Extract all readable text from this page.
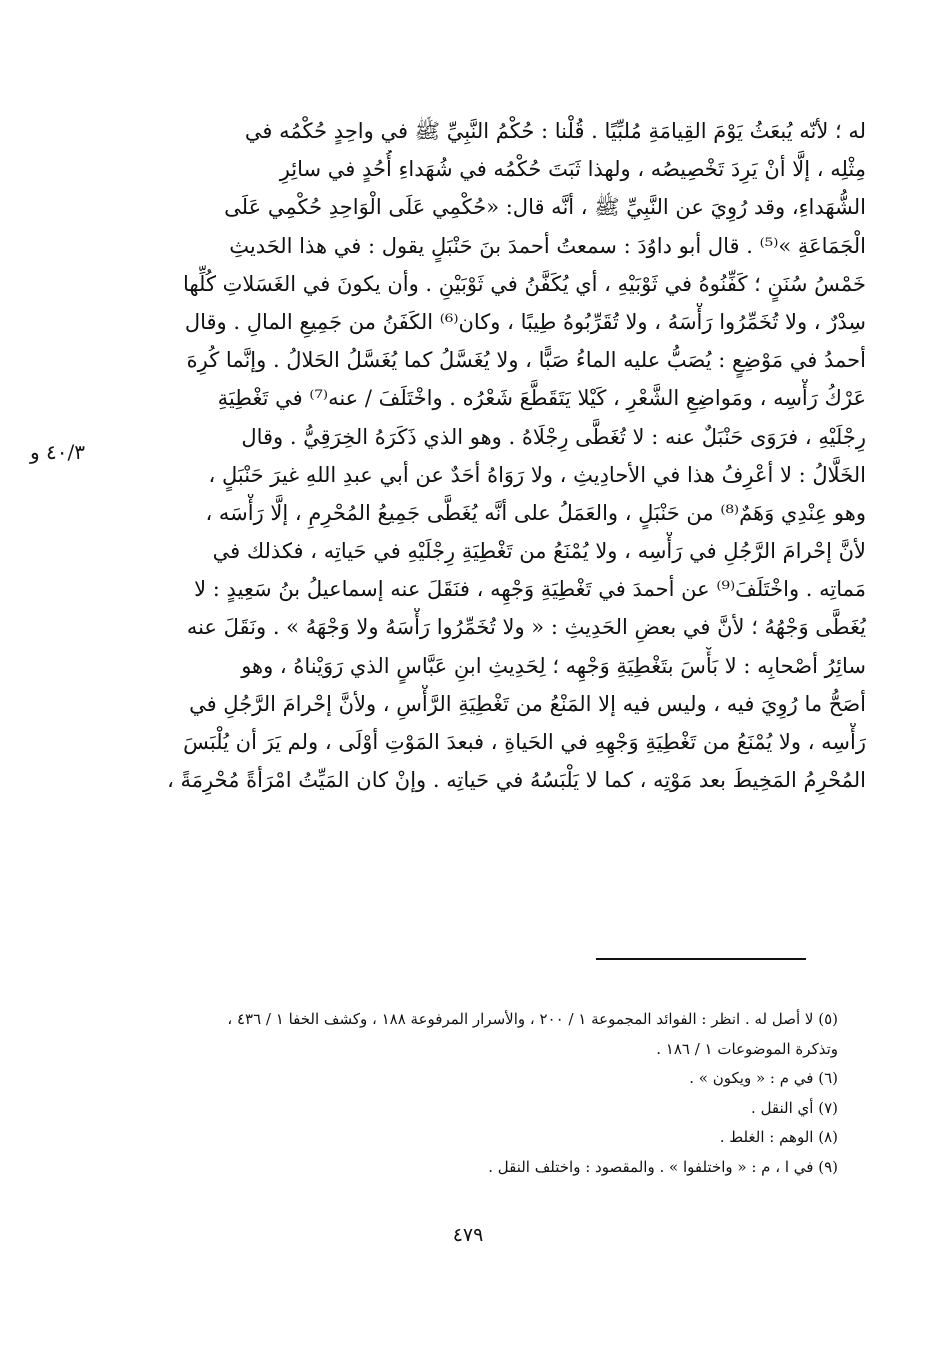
له ؛ لأنّه يُبعَثُ يَوْمَ القِيامَةِ مُلبِّيًا . قُلْنا : حُكْمُ النَّبِيِّ ﷺ في واحِدٍ حُكْمُه في
مِثْلِه ، إلَّا أنْ يَرِدَ تَخْصِيصُه ، ولهذا ثَبَتَ حُكْمُه في شُهَداءِ أُحُدٍ في سائِرِ
الشُّهَداءِ، وقد رُوِيَ عن النَّبِيِّ ﷺ ، أنَّه قال: «حُكْمِي عَلَى الْوَاحِدِ حُكْمِي عَلَى
الْجَمَاعَةِ »⁽⁵⁾ . قال أبو داوُدَ : سمعتُ أحمدَ بنَ حَنْبَلٍ يقول : في هذا الحَديثِ
خَمْسُ سُنَنٍ ؛ كَفِّنُوهُ في ثَوْبَيْهِ ، أي يُكَفَّنُ في ثَوْبَيْنِ . وأن يكونَ في الغَسَلاتِ كُلِّها
سِدْرٌ ، ولا تُخَمِّرُوا رَأْسَهُ ، ولا تُقَرِّبُوهُ طِيبًا ، وكان⁽⁶⁾ الكَفَنُ من جَمِيعِ المالِ . وقال
أحمدُ في مَوْضِعٍ : يُصَبُّ عليه الماءُ صَبًّا ، ولا يُغَسَّلُ كما يُغَسَّلُ الحَلالُ . وإنَّما كُرِهَ
عَرْكُ رَأْسِه ، ومَواضِعِ الشَّعْرِ ، كَيْلا يَتَقَطَّعَ شَعْرُه . واخْتَلَفَ / عنه⁽⁷⁾ في تَغْطِيَةِ
رِجْلَيْهِ ، فرَوَى حَنْبَلٌ عنه : لا تُغَطَّى رِجْلَاهُ . وهو الذي ذَكَرَهُ الخِرَقِيُّ . وقال
الخَلَّالُ : لا أعْرِفُ هذا في الأحادِيثِ ، ولا رَوَاهُ أحَدٌ عن أبي عبدِ اللهِ غيرَ حَنْبَلٍ ،
وهو عِنْدِي وَهَمٌ⁽⁸⁾ من حَنْبَلٍ ، والعَمَلُ على أنَّه يُغَطَّى جَمِيعُ المُحْرِمِ ، إلَّا رَأْسَه ،
لأنَّ إحْرامَ الرَّجُلِ في رَأْسِه ، ولا يُمْنَعُ من تَغْطِيَةِ رِجْلَيْهِ في حَياتِه ، فكذلك في
مَماتِه . واخْتَلَفَ⁽⁹⁾ عن أحمدَ في تَغْطِيَةِ وَجْهِه ، فنَقَلَ عنه إسماعيلُ بنُ سَعِيدٍ : لا
يُغَطَّى وَجْهُهُ ؛ لأنَّ في بعضِ الحَدِيثِ : « ولا تُخَمِّرُوا رَأْسَهُ ولا وَجْهَهُ » . ونَقَلَ عنه
سائِرُ أصْحابِه : لا بَأْسَ بتَغْطِيَةِ وَجْهِه ؛ لِحَدِيثِ ابنِ عَبَّاسٍ الذي رَوَيْناهُ ، وهو
أصَحُّ ما رُوِيَ فيه ، وليس فيه إلا المَنْعُ من تَغْطِيَةِ الرَّأْسِ ، ولأنَّ إحْرامَ الرَّجُلِ في
رَأْسِه ، ولا يُمْنَعُ من تَغْطِيَةِ وَجْهِهِ في الحَياةِ ، فبعدَ المَوْتِ أوْلَى ، ولم يَرَ أن يُلْبَسَ
المُحْرِمُ المَخِيطَ بعد مَوْتِه ، كما لا يَلْبَسُهُ في حَياتِه . وإنْ كان المَيِّتُ امْرَأةً مُحْرِمَةً ،
٤٠/٣ و
(٥) لا أصل له . انظر : الفوائد المجموعة ١ / ٢٠٠ ، والأسرار المرفوعة ١٨٨ ، وكشف الخفا ١ / ٤٣٦ ،
وتذكرة الموضوعات ١ / ١٨٦ .
(٦) في م : « ويكون » .
(٧) أي النقل .
(٨) الوهم : الغلط .
(٩) في ا ، م : « واختلفوا » . والمقصود : واختلف النقل .
٤٧٩
